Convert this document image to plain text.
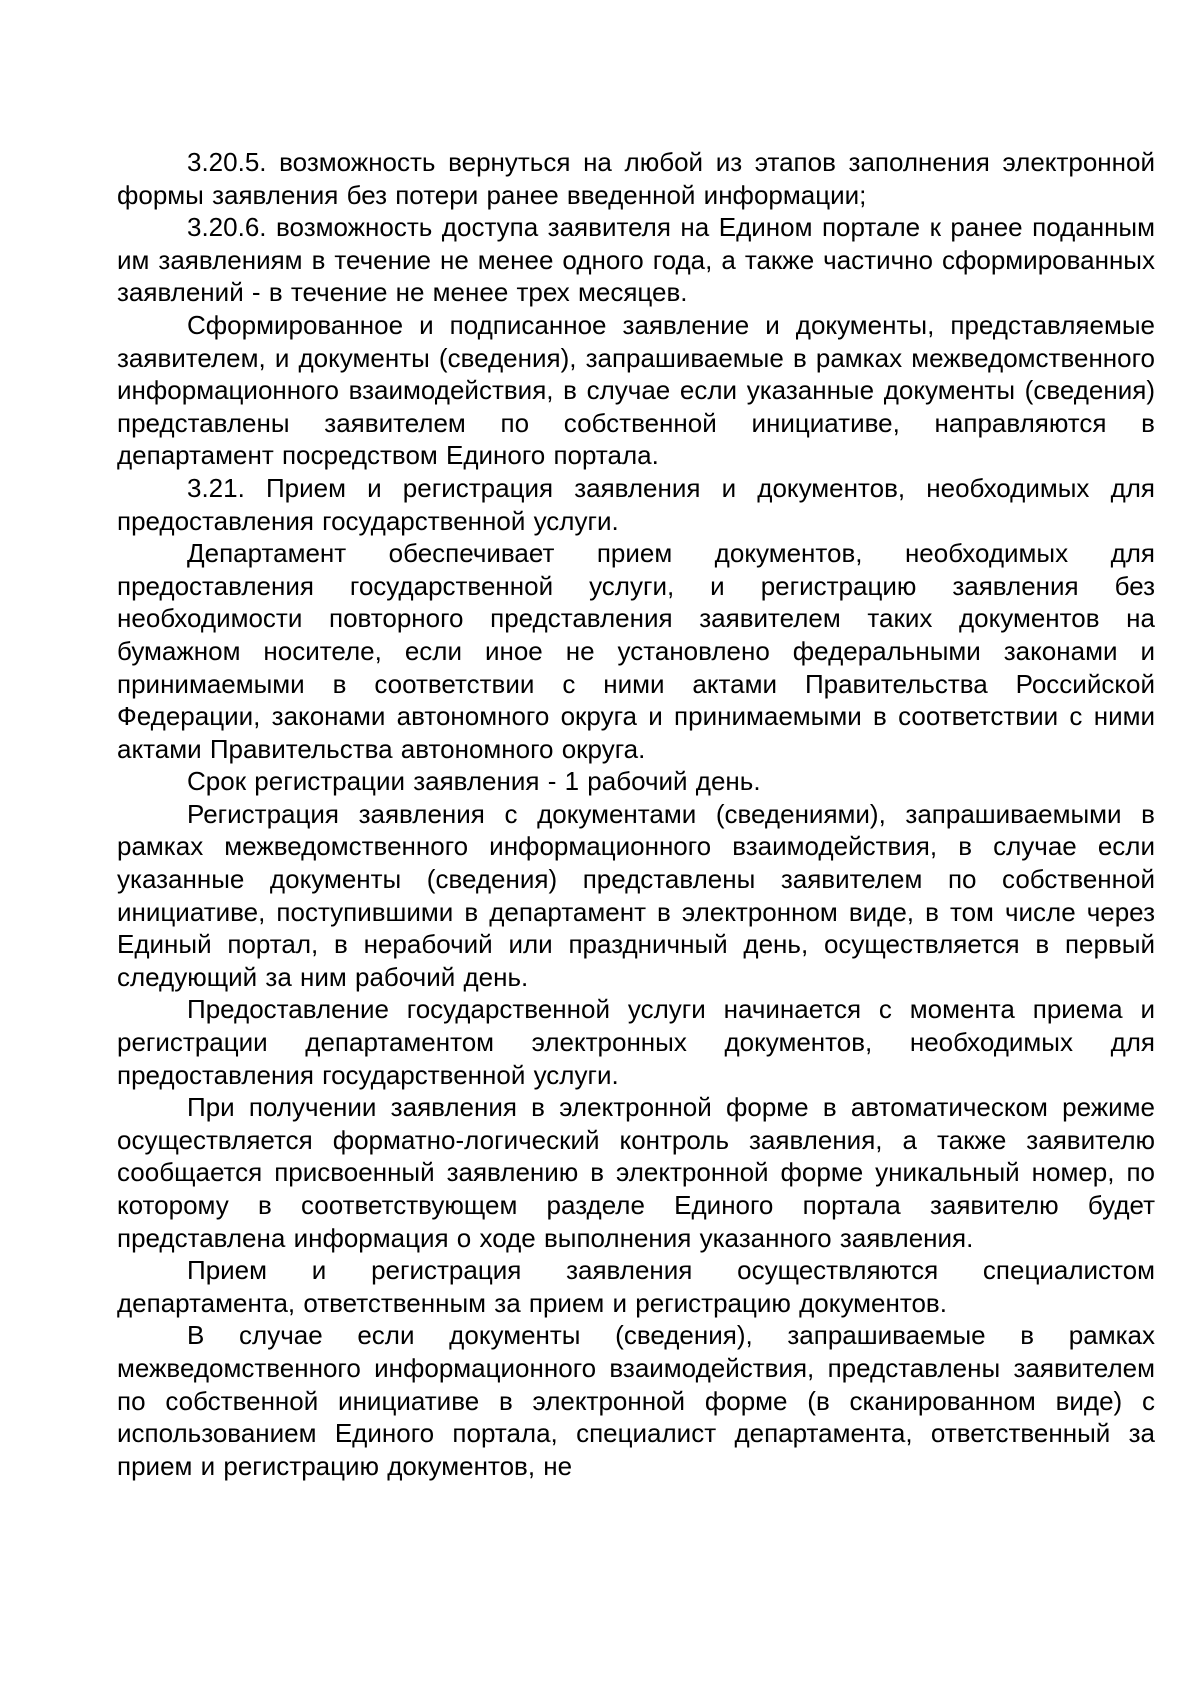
3.20.5. возможность вернуться на любой из этапов заполнения электронной формы заявления без потери ранее введенной информации;

3.20.6. возможность доступа заявителя на Едином портале к ранее поданным им заявлениям в течение не менее одного года, а также частично сформированных заявлений - в течение не менее трех месяцев.

Сформированное и подписанное заявление и документы, представляемые заявителем, и документы (сведения), запрашиваемые в рамках межведомственного информационного взаимодействия, в случае если указанные документы (сведения) представлены заявителем по собственной инициативе, направляются в департамент посредством Единого портала.

3.21. Прием и регистрация заявления и документов, необходимых для предоставления государственной услуги.

Департамент обеспечивает прием документов, необходимых для предоставления государственной услуги, и регистрацию заявления без необходимости повторного представления заявителем таких документов на бумажном носителе, если иное не установлено федеральными законами и принимаемыми в соответствии с ними актами Правительства Российской Федерации, законами автономного округа и принимаемыми в соответствии с ними актами Правительства автономного округа.

Срок регистрации заявления - 1 рабочий день.

Регистрация заявления с документами (сведениями), запрашиваемыми в рамках межведомственного информационного взаимодействия, в случае если указанные документы (сведения) представлены заявителем по собственной инициативе, поступившими в департамент в электронном виде, в том числе через Единый портал, в нерабочий или праздничный день, осуществляется в первый следующий за ним рабочий день.

Предоставление государственной услуги начинается с момента приема и регистрации департаментом электронных документов, необходимых для предоставления государственной услуги.

При получении заявления в электронной форме в автоматическом режиме осуществляется форматно-логический контроль заявления, а также заявителю сообщается присвоенный заявлению в электронной форме уникальный номер, по которому в соответствующем разделе Единого портала заявителю будет представлена информация о ходе выполнения указанного заявления.

Прием и регистрация заявления осуществляются специалистом департамента, ответственным за прием и регистрацию документов.

В случае если документы (сведения), запрашиваемые в рамках межведомственного информационного взаимодействия, представлены заявителем по собственной инициативе в электронной форме (в сканированном виде) с использованием Единого портала, специалист департамента, ответственный за прием и регистрацию документов, не
